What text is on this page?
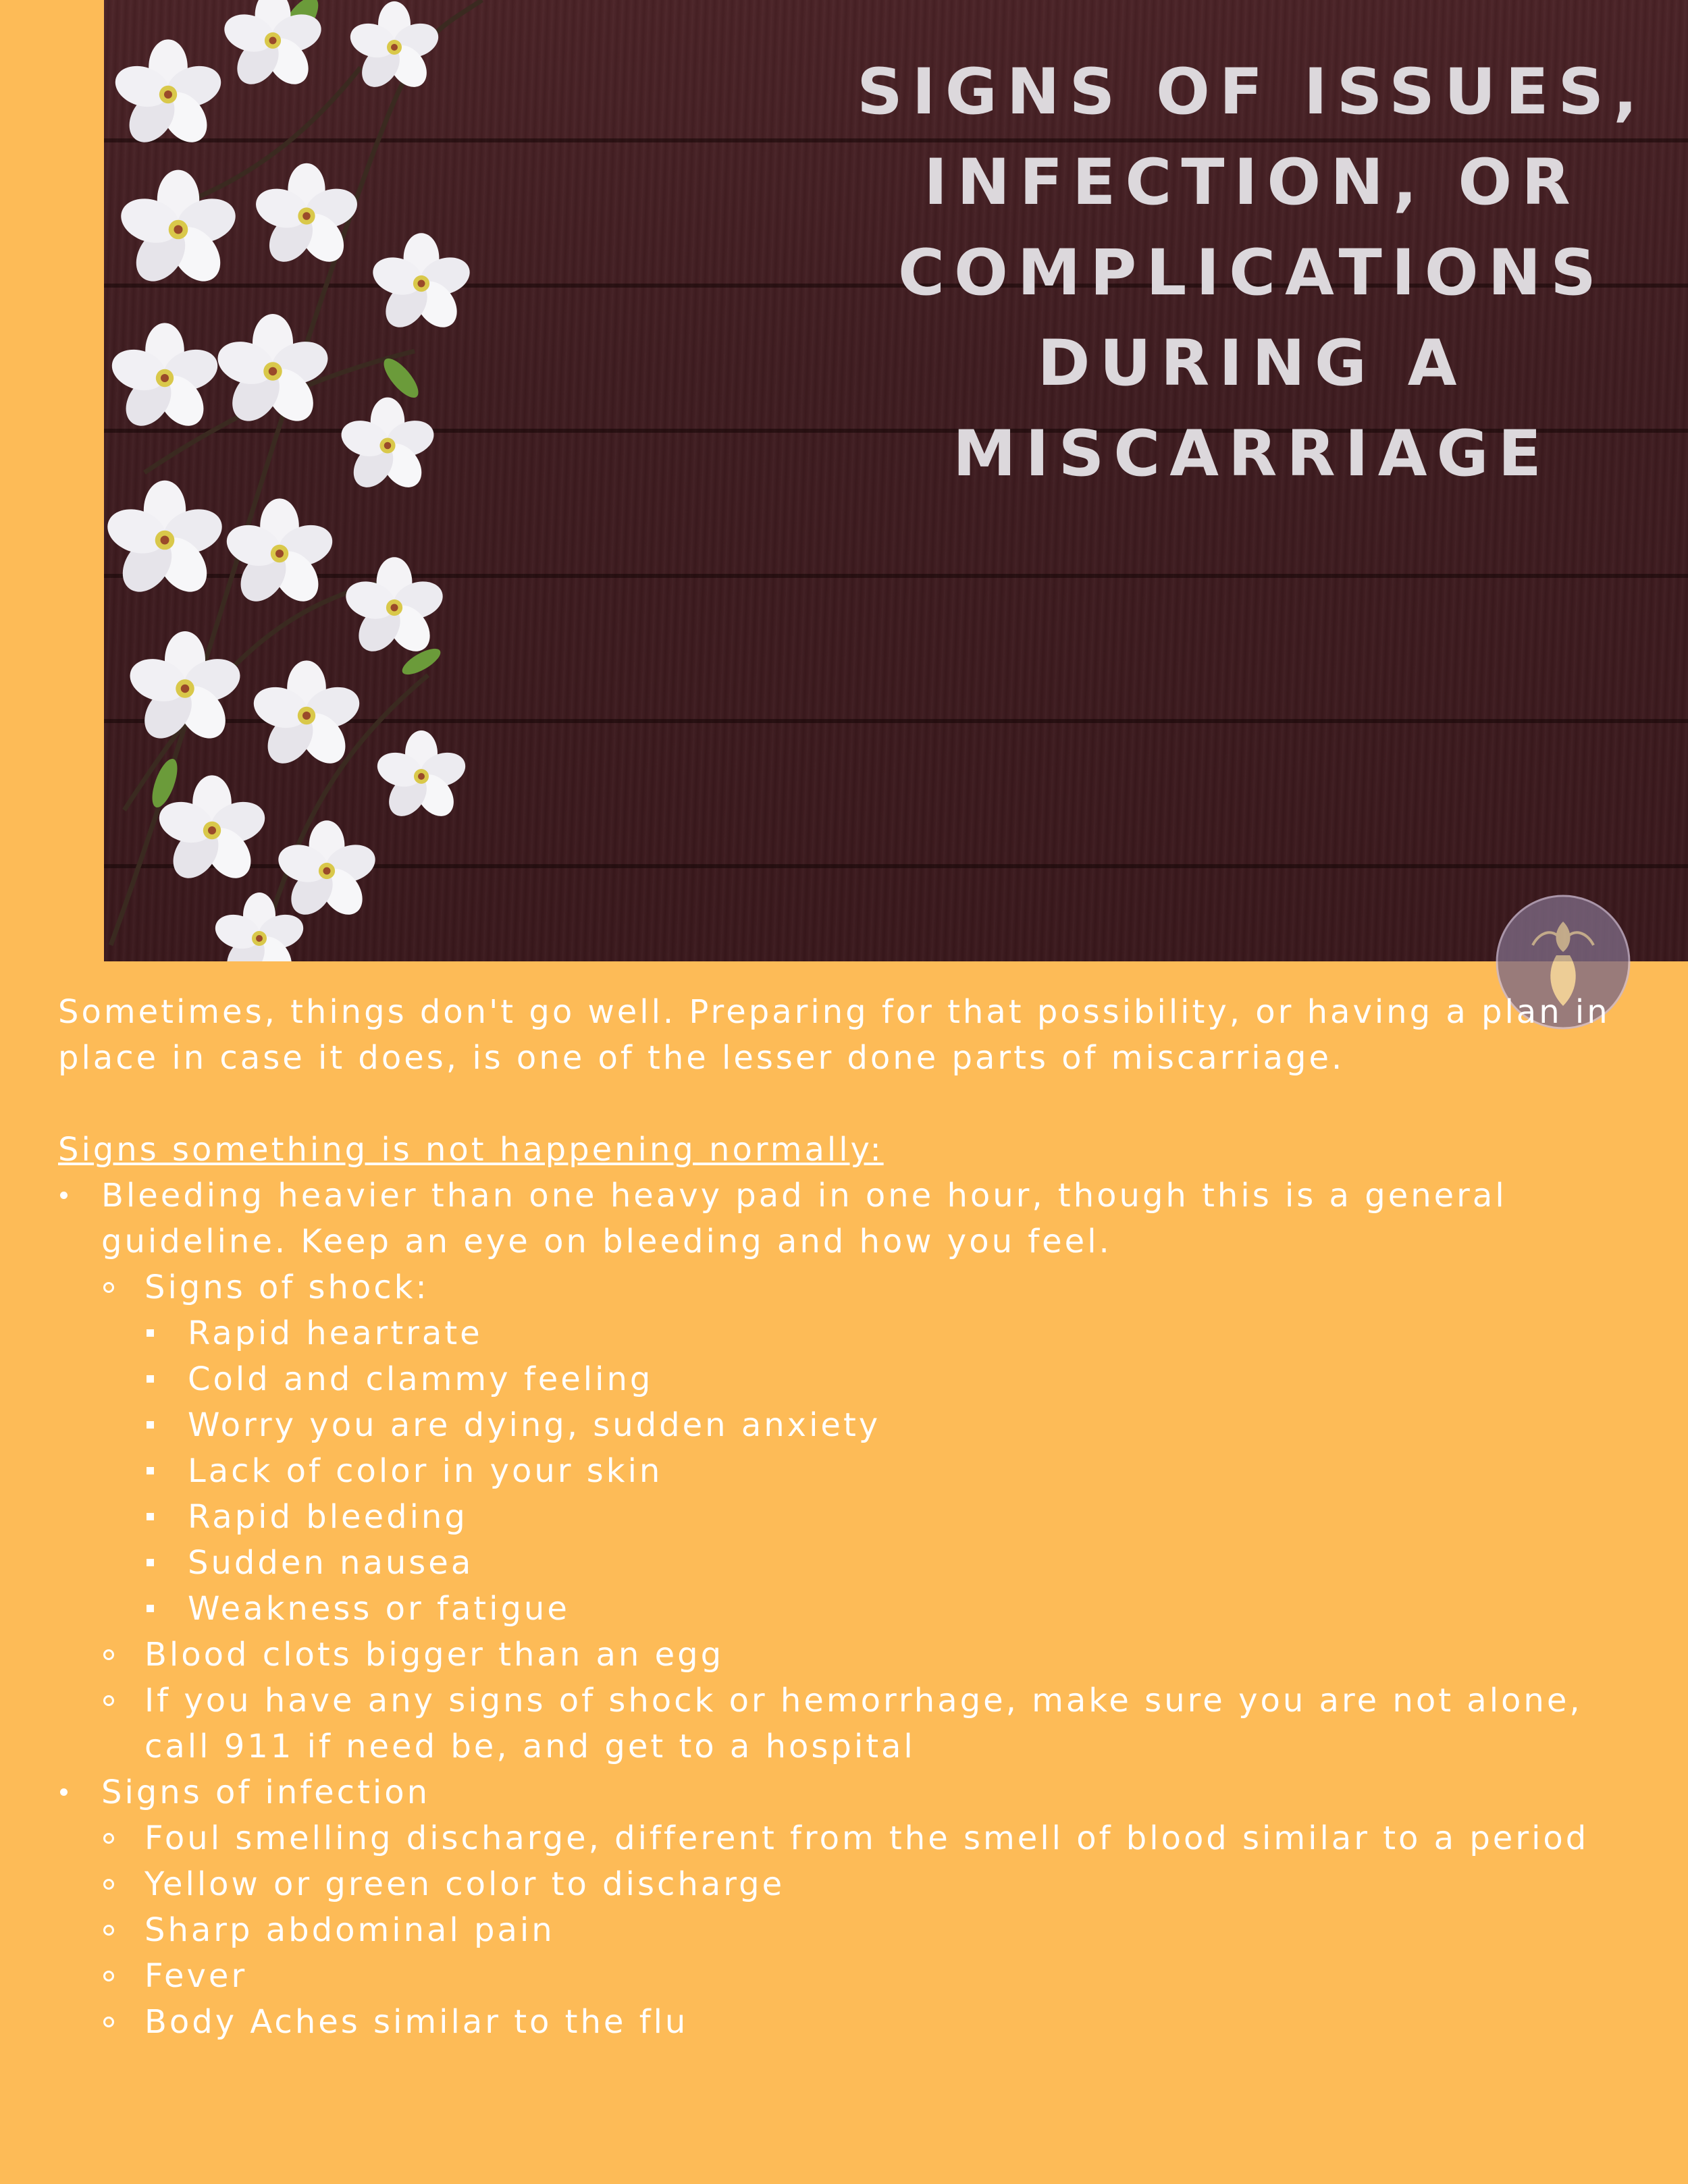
SIGNS OF ISSUES, INFECTION, OR COMPLICATIONS DURING A MISCARRIAGE

Sometimes, things don't go well. Preparing for that possibility, or having a plan in place in case it does, is one of the lesser done parts of miscarriage.

Signs something is not happening normally:

Bleeding heavier than one heavy pad in one hour, though this is a general guideline. Keep an eye on bleeding and how you feel.
Signs of shock:
Rapid heartrate
Cold and clammy feeling
Worry you are dying, sudden anxiety
Lack of color in your skin
Rapid bleeding
Sudden nausea
Weakness or fatigue
Blood clots bigger than an egg
If you have any signs of shock or hemorrhage, make sure you are not alone, call 911 if need be, and get to a hospital
Signs of infection
Foul smelling discharge, different from the smell of blood similar to a period
Yellow or green color to discharge
Sharp abdominal pain
Fever
Body Aches similar to the flu
